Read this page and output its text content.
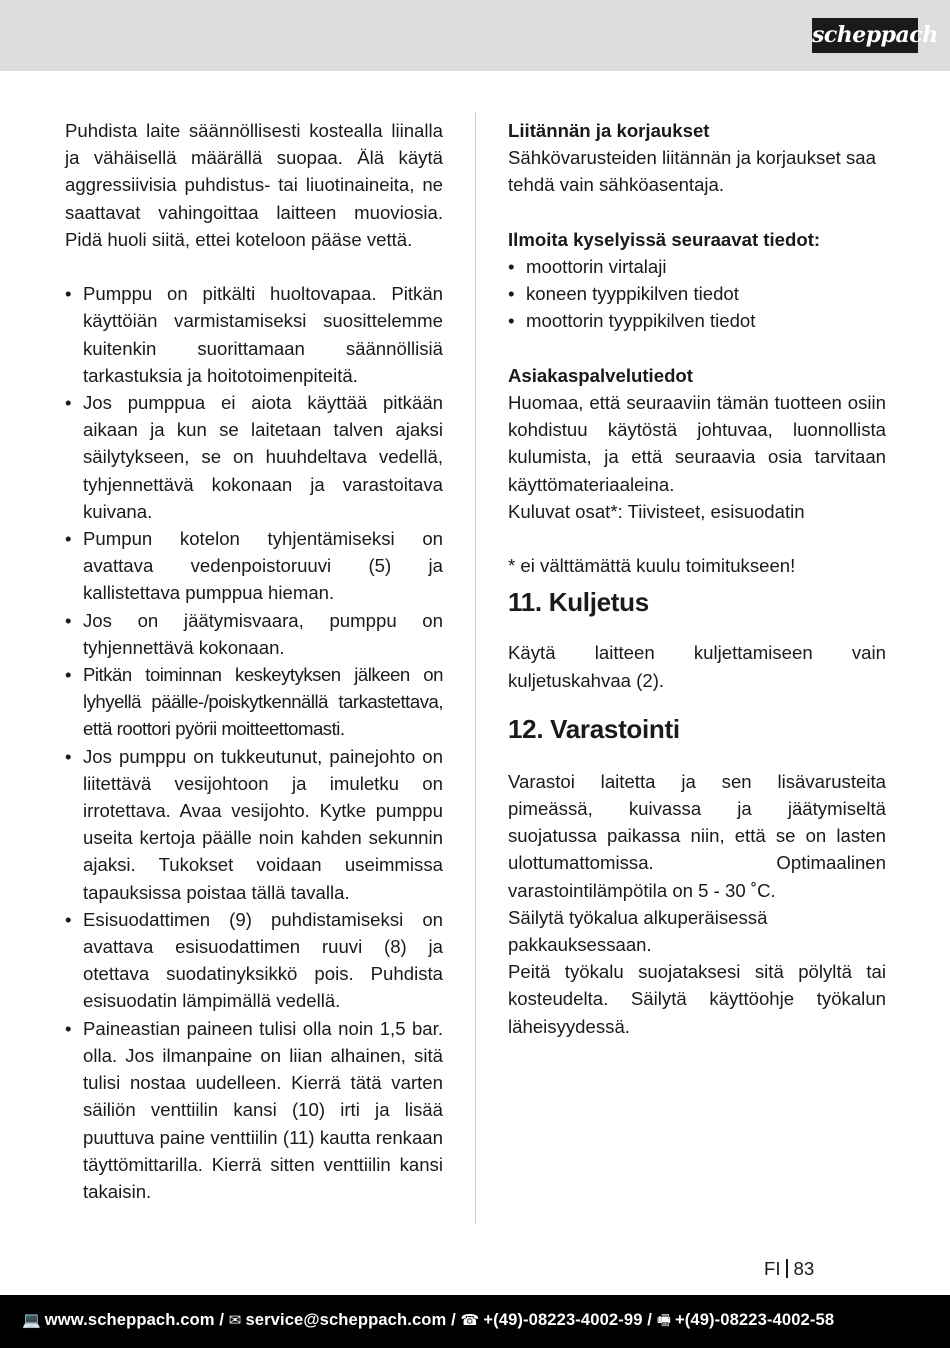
scheppach

Puhdista laite säännöllisesti kostealla liinalla ja vähäisellä määrällä suopaa. Älä käytä aggressiivisia puhdistus- tai liuotinaineita, ne saattavat vahingoittaa laitteen muoviosia. Pidä huoli siitä, ettei koteloon pääse vettä.

• Pumppu on pitkälti huoltovapaa. Pitkän käyttöiän varmistamiseksi suosittelemme kuitenkin suorittamaan säännöllisiä tarkastuksia ja hoitotoimenpiteitä.
• Jos pumppua ei aiota käyttää pitkään aikaan ja kun se laitetaan talven ajaksi säilytykseen, se on huuhdeltava vedellä, tyhjennettävä kokonaan ja varastoitava kuivana.
• Pumpun kotelon tyhjentämiseksi on avattava vedenpoistoruuvi (5) ja kallistettava pumppua hieman.
• Jos on jäätymisvaara, pumppu on tyhjennettävä kokonaan.
• Pitkän toiminnan keskeytyksen jälkeen on lyhyellä päälle-/poiskytkennällä tarkastettava, että roottori pyörii moitteettomasti.
• Jos pumppu on tukkeutunut, painejohto on liitettävä vesijohtoon ja imuletku on irrotettava. Avaa vesijohto. Kytke pumppu useita kertoja päälle noin kahden sekunnin ajaksi. Tukokset voidaan useimmissa tapauksissa poistaa tällä tavalla.
• Esisuodattimen (9) puhdistamiseksi on avattava esisuodattimen ruuvi (8) ja otettava suodatinyksikkö pois. Puhdista esisuodatin lämpimällä vedellä.
• Paineastian paineen tulisi olla noin 1,5 bar. olla. Jos ilmanpaine on liian alhainen, sitä tulisi nostaa uudelleen. Kierrä tätä varten säiliön venttiilin kansi (10) irti ja lisää puuttuva paine venttiilin (11) kautta renkaan täyttömittarilla. Kierrä sitten venttiilin kansi takaisin.

Liitännän ja korjaukset

Sähkövarusteiden liitännän ja korjaukset saa tehdä vain sähköasentaja.

Ilmoita kyselyissä seuraavat tiedot:

• moottorin virtalaji
• koneen tyyppikilven tiedot
• moottorin tyyppikilven tiedot

Asiakaspalvelutiedot

Huomaa, että seuraaviin tämän tuotteen osiin kohdistuu käytöstä johtuvaa, luonnollista kulumista, ja että seuraavia osia tarvitaan käyttömateriaaleina.

Kuluvat osat*: Tiivisteet, esisuodatin

* ei välttämättä kuulu toimitukseen!

11. Kuljetus

Käytä laitteen kuljettamiseen vain kuljetuskahvaa (2).

12. Varastointi

Varastoi laitetta ja sen lisävarusteita pimeässä, kuivassa ja jäätymiseltä suojatussa paikassa niin, että se on lasten ulottumattomissa. Optimaalinen varastointilämpötila on 5 - 30 ˚C.

Säilytä työkalua alkuperäisessä pakkauksessaan.

Peitä työkalu suojataksesi sitä pölyltä tai kosteudelta. Säilytä käyttöohje työkalun läheisyydessä.

FI 83
💻 www.scheppach.com / ✉ service@scheppach.com / ☎ +(49)-08223-4002-99 / 🖷 +(49)-08223-4002-58
